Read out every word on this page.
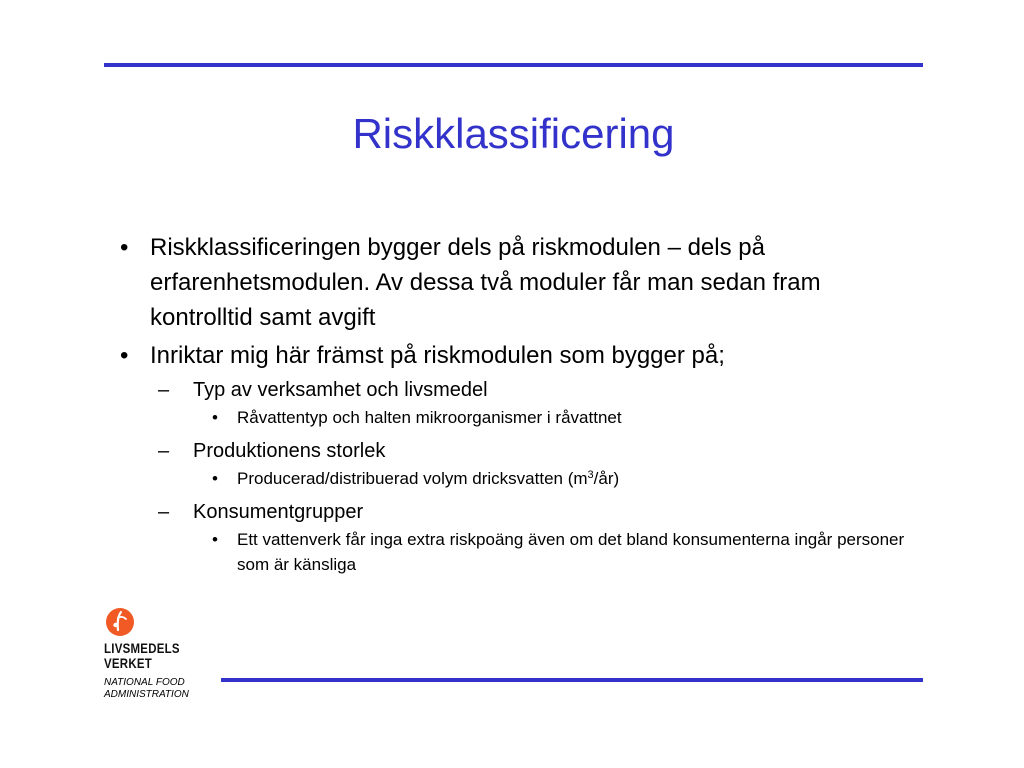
Riskklassificering
• Riskklassificeringen bygger dels på riskmodulen – dels på erfarenhetsmodulen. Av dessa två moduler får man sedan fram kontrolltid samt avgift
• Inriktar mig här främst på riskmodulen som bygger på;
– Typ av verksamhet och livsmedel
• Råvattentyp och halten mikroorganismer i råvattnet
– Produktionens storlek
• Producerad/distribuerad volym dricksvatten $(m^3/år)$
– Konsumentgrupper
• Ett vattenverk får inga extra riskpoäng även om det bland konsumenterna ingår personer som är känsliga
LIVSMEDELS
VERKET
NATIONAL FOOD
ADMINISTRATION
